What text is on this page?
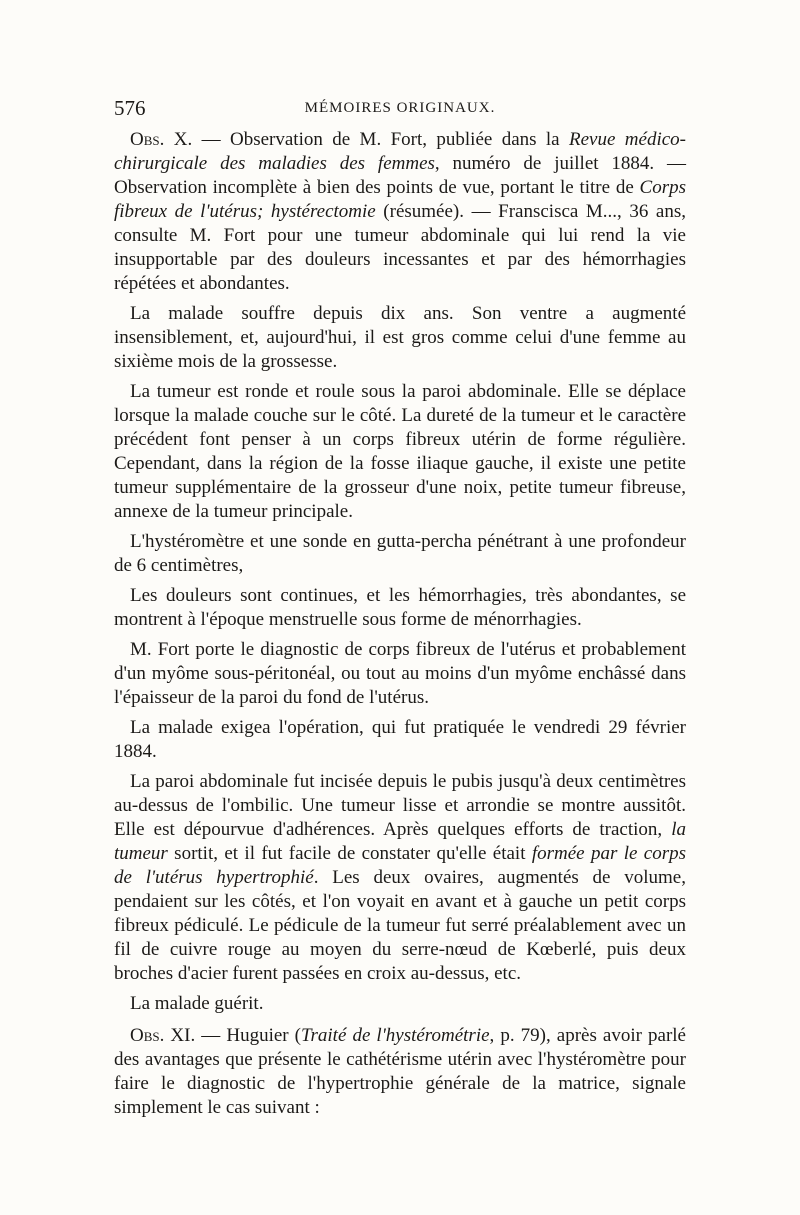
576	MÉMOIRES ORIGINAUX.

Obs. X. — Observation de M. Fort, publiée dans la Revue médico-chirurgicale des maladies des femmes, numéro de juillet 1884. — Observation incomplète à bien des points de vue, portant le titre de Corps fibreux de l'utérus; hystérectomie (résumée). — Franscisca M..., 36 ans, consulte M. Fort pour une tumeur abdominale qui lui rend la vie insupportable par des douleurs incessantes et par des hémorrhagies répétées et abondantes.

La malade souffre depuis dix ans. Son ventre a augmenté insensiblement, et, aujourd'hui, il est gros comme celui d'une femme au sixième mois de la grossesse.

La tumeur est ronde et roule sous la paroi abdominale. Elle se déplace lorsque la malade couche sur le côté. La dureté de la tumeur et le caractère précédent font penser à un corps fibreux utérin de forme régulière. Cependant, dans la région de la fosse iliaque gauche, il existe une petite tumeur supplémentaire de la grosseur d'une noix, petite tumeur fibreuse, annexe de la tumeur principale.

L'hystéromètre et une sonde en gutta-percha pénétrant à une profondeur de 6 centimètres,

Les douleurs sont continues, et les hémorrhagies, très abondantes, se montrent à l'époque menstruelle sous forme de ménorrhagies.

M. Fort porte le diagnostic de corps fibreux de l'utérus et probablement d'un myôme sous-péritonéal, ou tout au moins d'un myôme enchâssé dans l'épaisseur de la paroi du fond de l'utérus.

La malade exigea l'opération, qui fut pratiquée le vendredi 29 février 1884.

La paroi abdominale fut incisée depuis le pubis jusqu'à deux centimètres au-dessus de l'ombilic. Une tumeur lisse et arrondie se montre aussitôt. Elle est dépourvue d'adhérences. Après quelques efforts de traction, la tumeur sortit, et il fut facile de constater qu'elle était formée par le corps de l'utérus hypertrophié. Les deux ovaires, augmentés de volume, pendaient sur les côtés, et l'on voyait en avant et à gauche un petit corps fibreux pédiculé. Le pédicule de la tumeur fut serré préalablement avec un fil de cuivre rouge au moyen du serre-nœud de Kœberlé, puis deux broches d'acier furent passées en croix au-dessus, etc.

La malade guérit.

Obs. XI. — Huguier (Traité de l'hystérométrie, p. 79), après avoir parlé des avantages que présente le cathétérisme utérin avec l'hystéromètre pour faire le diagnostic de l'hypertrophie générale de la matrice, signale simplement le cas suivant :
